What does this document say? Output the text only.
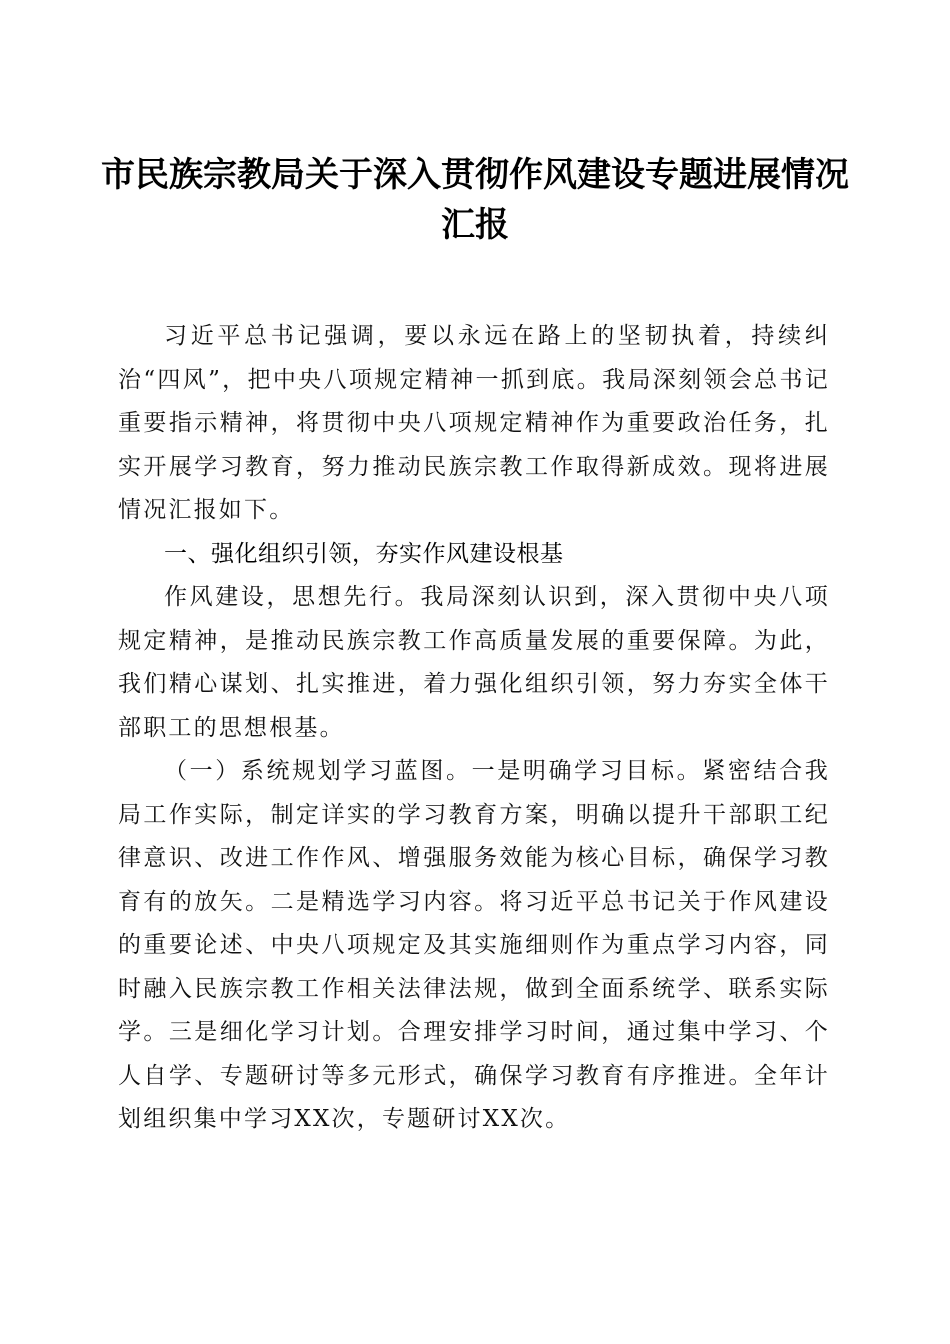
市民族宗教局关于深入贯彻作风建设专题进展情况汇报

习近平总书记强调，要以永远在路上的坚韧执着，持续纠治“四风”，把中央八项规定精神一抓到底。我局深刻领会总书记重要指示精神，将贯彻中央八项规定精神作为重要政治任务，扎实开展学习教育，努力推动民族宗教工作取得新成效。现将进展情况汇报如下。

一、强化组织引领，夯实作风建设根基

作风建设，思想先行。我局深刻认识到，深入贯彻中央八项规定精神，是推动民族宗教工作高质量发展的重要保障。为此，我们精心谋划、扎实推进，着力强化组织引领，努力夯实全体干部职工的思想根基。

（一）系统规划学习蓝图。一是明确学习目标。紧密结合我局工作实际，制定详实的学习教育方案，明确以提升干部职工纪律意识、改进工作作风、增强服务效能为核心目标，确保学习教育有的放矢。二是精选学习内容。将习近平总书记关于作风建设的重要论述、中央八项规定及其实施细则作为重点学习内容，同时融入民族宗教工作相关法律法规，做到全面系统学、联系实际学。三是细化学习计划。合理安排学习时间，通过集中学习、个人自学、专题研讨等多元形式，确保学习教育有序推进。全年计划组织集中学习XX次，专题研讨XX次。
